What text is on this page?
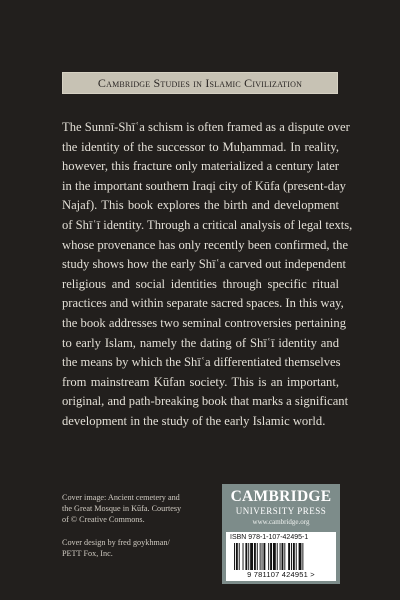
Cambridge Studies in Islamic Civilization
The Sunnī-Shīʿa schism is often framed as a dispute over
the identity of the successor to Muḥammad. In reality,
however, this fracture only materialized a century later
in the important southern Iraqi city of Kūfa (present-day
Najaf). This book explores the birth and development
of Shīʿī identity. Through a critical analysis of legal texts,
whose provenance has only recently been confirmed, the
study shows how the early Shīʿa carved out independent
religious and social identities through specific ritual
practices and within separate sacred spaces. In this way,
the book addresses two seminal controversies pertaining
to early Islam, namely the dating of Shīʿī identity and
the means by which the Shīʿa differentiated themselves
from mainstream Kūfan society. This is an important,
original, and path-breaking book that marks a significant
development in the study of the early Islamic world.
Cover image: Ancient cemetery and
the Great Mosque in Kūfa. Courtesy
of © Creative Commons.
Cover design by fred goykhman/
PETT Fox, Inc.
CAMBRIDGE
UNIVERSITY PRESS
www.cambridge.org
ISBN 978-1-107-42495-1
9 781107 424951 >
